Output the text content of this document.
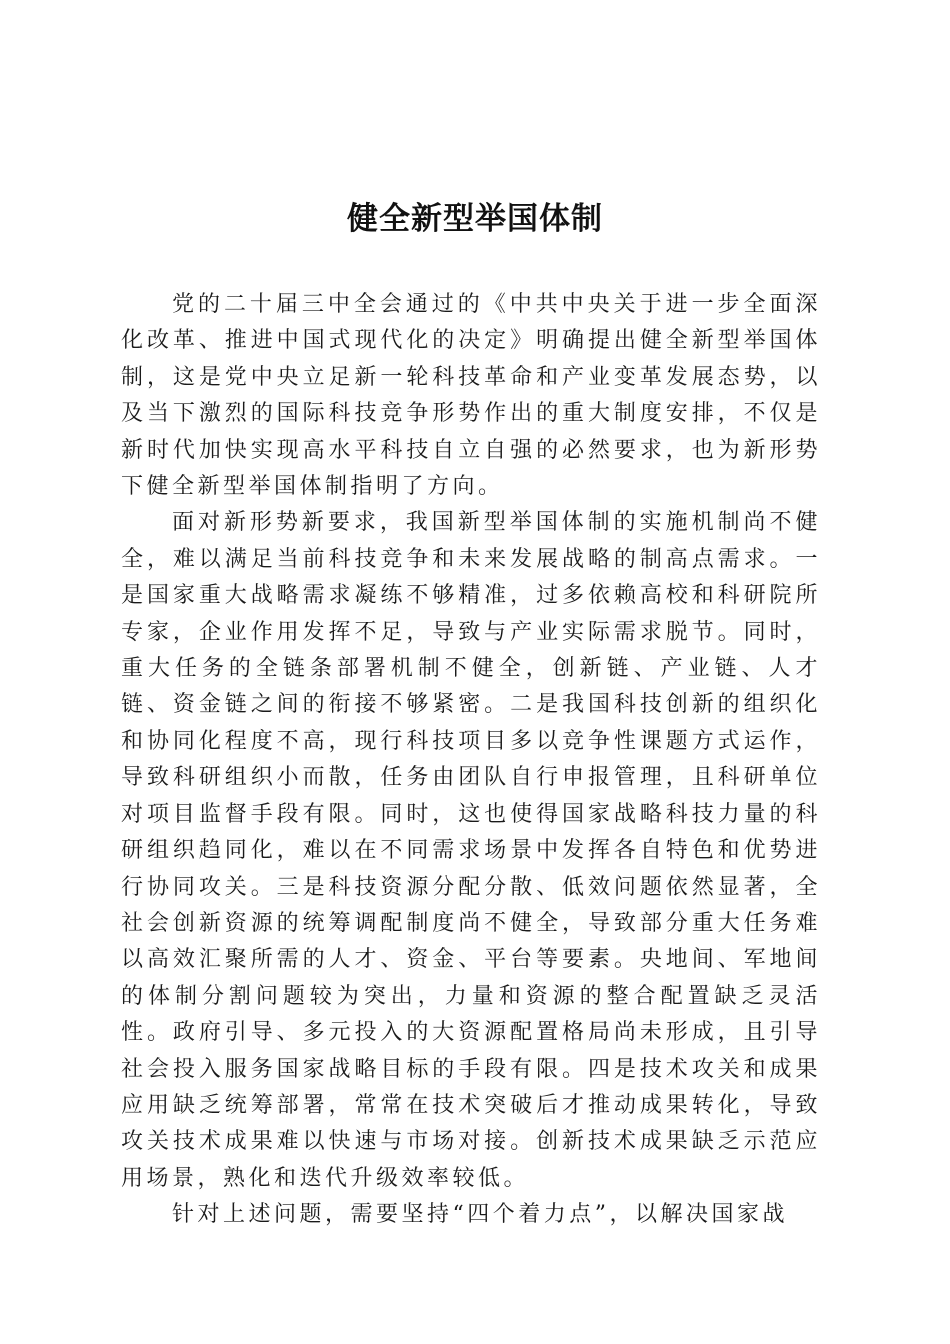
健全新型举国体制

党的二十届三中全会通过的《中共中央关于进一步全面深化改革、推进中国式现代化的决定》明确提出健全新型举国体制，这是党中央立足新一轮科技革命和产业变革发展态势，以及当下激烈的国际科技竞争形势作出的重大制度安排，不仅是新时代加快实现高水平科技自立自强的必然要求，也为新形势下健全新型举国体制指明了方向。

面对新形势新要求，我国新型举国体制的实施机制尚不健全，难以满足当前科技竞争和未来发展战略的制高点需求。一是国家重大战略需求凝练不够精准，过多依赖高校和科研院所专家，企业作用发挥不足，导致与产业实际需求脱节。同时，重大任务的全链条部署机制不健全，创新链、产业链、人才链、资金链之间的衔接不够紧密。二是我国科技创新的组织化和协同化程度不高，现行科技项目多以竞争性课题方式运作，导致科研组织小而散，任务由团队自行申报管理，且科研单位对项目监督手段有限。同时，这也使得国家战略科技力量的科研组织趋同化，难以在不同需求场景中发挥各自特色和优势进行协同攻关。三是科技资源分配分散、低效问题依然显著，全社会创新资源的统筹调配制度尚不健全，导致部分重大任务难以高效汇聚所需的人才、资金、平台等要素。央地间、军地间的体制分割问题较为突出，力量和资源的整合配置缺乏灵活性。政府引导、多元投入的大资源配置格局尚未形成，且引导社会投入服务国家战略目标的手段有限。四是技术攻关和成果应用缺乏统筹部署，常常在技术突破后才推动成果转化，导致攻关技术成果难以快速与市场对接。创新技术成果缺乏示范应用场景，熟化和迭代升级效率较低。

针对上述问题，需要坚持“四个着力点”，以解决国家战
